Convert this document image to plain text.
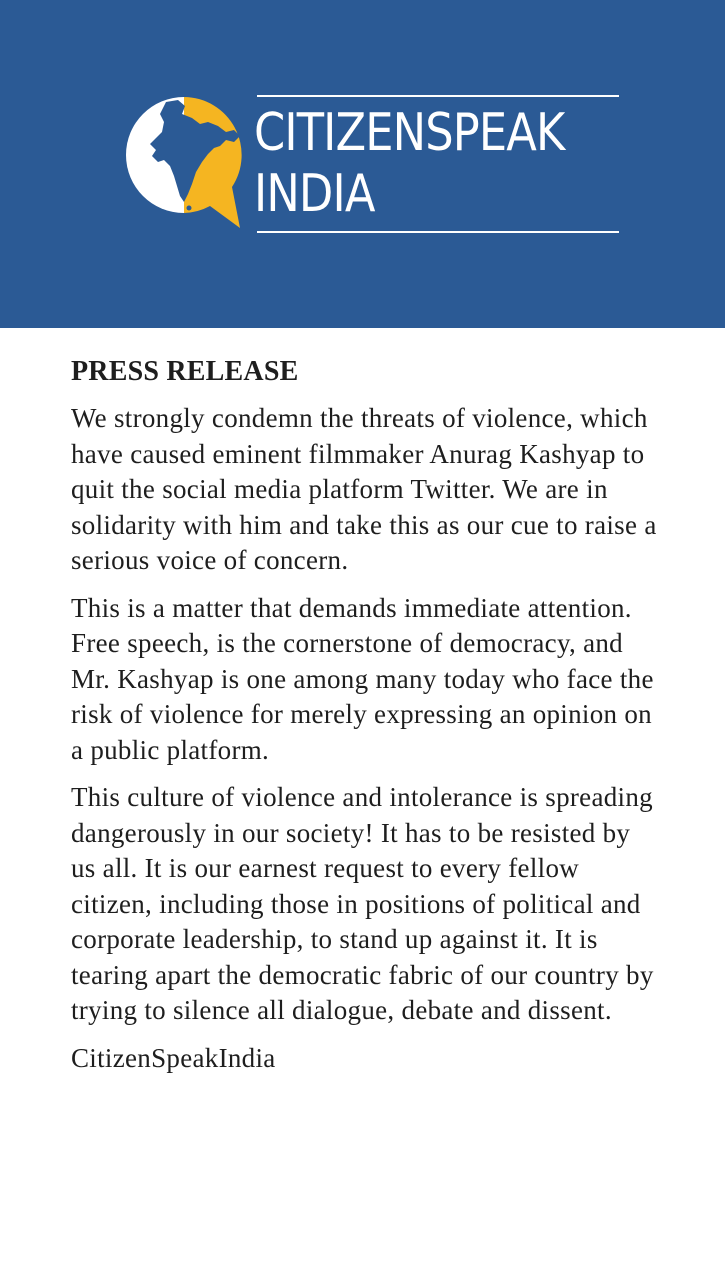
CITIZENSPEAK
INDIA
PRESS RELEASE

We strongly condemn the threats of violence, which have caused eminent filmmaker Anurag Kashyap to quit the social media platform Twitter. We are in solidarity with him and take this as our cue to raise a serious voice of concern.

This is a matter that demands immediate attention. Free speech, is the cornerstone of democracy, and Mr. Kashyap is one among many today who face the risk of violence for merely expressing an opinion on a public platform.

This culture of violence and intolerance is spreading dangerously in our society! It has to be resisted by us all. It is our earnest request to every fellow citizen, including those in positions of political and corporate leadership, to stand up against it. It is tearing apart the democratic fabric of our country by trying to silence all dialogue, debate and dissent.

CitizenSpeakIndia
